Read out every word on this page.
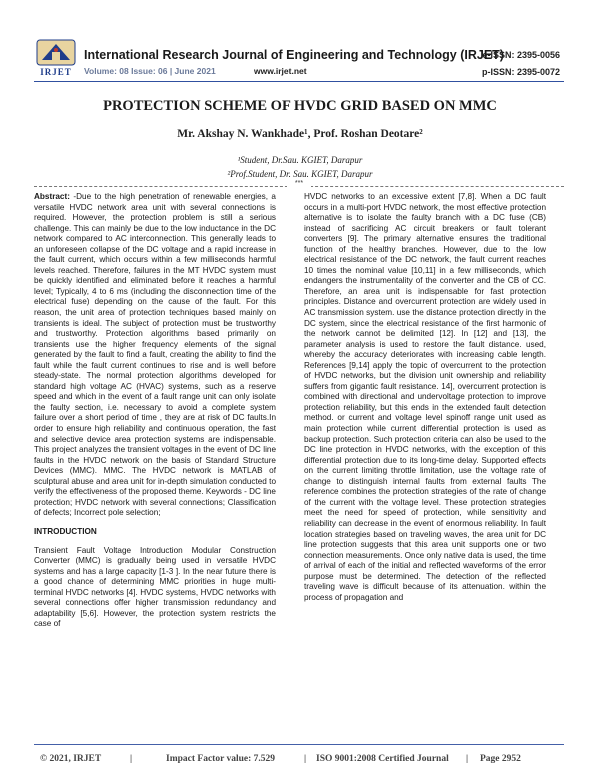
IRJET
International Research Journal of Engineering and Technology (IRJET)
Volume: 08 Issue: 06 | June 2021	www.irjet.net
e-ISSN: 2395-0056
p-ISSN: 2395-0072
PROTECTION SCHEME OF HVDC GRID BASED ON MMC
Mr. Akshay N. Wankhade¹, Prof. Roshan Deotare²
¹Student, Dr.Sau. KGIET, Darapur
²Prof.Student, Dr. Sau. KGIET, Darapur
***

Abstract: -Due to the high penetration of renewable energies, a versatile HVDC network area unit with several connections is required. However, the protection problem is still a serious challenge. This can mainly be due to the low inductance in the DC network compared to AC interconnection. This generally leads to an unforeseen collapse of the DC voltage and a rapid increase in the fault current, which occurs within a few milliseconds harmful levels reached. Therefore, failures in the MT HVDC system must be quickly identified and eliminated before it reaches a harmful level; Typically, 4 to 6 ms (including the disconnection time of the electrical fuse) depending on the cause of the fault. For this reason, the unit area of protection techniques based mainly on transients is ideal. The subject of protection must be trustworthy and trustworthy. Protection algorithms based primarily on transients use the higher frequency elements of the signal generated by the fault to find a fault, creating the ability to find the fault while the fault current continues to rise and is well before steady-state. The normal protection algorithms developed for standard high voltage AC (HVAC) systems, such as a reserve speed and which in the event of a fault range unit can only isolate the faulty section, i.e. necessary to avoid a complete system failure over a short period of time , they are at risk of DC faults.In order to ensure high reliability and continuous operation, the fast and selective device area protection systems are indispensable. This project analyzes the transient voltages in the event of DC line faults in the HVDC network on the basis of Standard Structure Devices (MMC). MMC. The HVDC network is MATLAB of sculptural abuse and area unit for in-depth simulation conducted to verify the effectiveness of the proposed theme. Keywords - DC line protection; HVDC network with several connections; Classification of defects; Incorrect pole selection;

INTRODUCTION

Transient Fault Voltage Introduction Modular Construction Converter (MMC) is gradually being used in versatile HVDC systems and has a large capacity [1-3 ]. In the near future there is a good chance of determining MMC priorities in huge multi-terminal HVDC networks [4]. HVDC systems, HVDC networks with several connections offer higher transmission redundancy and adaptability [5,6]. However, the protection system restricts the case of

HVDC networks to an excessive extent [7,8]. When a DC fault occurs in a multi-port HVDC network, the most effective protection alternative is to isolate the faulty branch with a DC fuse (CB) instead of sacrificing AC circuit breakers or fault tolerant converters [9]. The primary alternative ensures the traditional function of the healthy branches. However, due to the low electrical resistance of the DC network, the fault current reaches 10 times the nominal value [10,11] in a few milliseconds, which endangers the instrumentality of the converter and the CB of CC. Therefore, an area unit is indispensable for fast protection principles. Distance and overcurrent protection are widely used in AC transmission system. use the distance protection directly in the DC system, since the electrical resistance of the first harmonic of the network cannot be delimited [12]. In [12] and [13], the parameter analysis is used to restore the fault distance. used, whereby the accuracy deteriorates with increasing cable length. References [9,14] apply the topic of overcurrent to the protection of HVDC networks, but the division unit ownership and reliability suffers from gigantic fault resistance. 14], overcurrent protection is combined with directional and undervoltage protection to improve protection reliability, but this ends in the extended fault detection method. or current and voltage level spinoff range unit used as main protection while current differential protection is used as backup protection. Such protection criteria can also be used to the DC line protection in HVDC networks, with the exception of this differential protection due to its long-time delay. Supported effects on the current limiting throttle limitation, use the voltage rate of change to distinguish internal faults from external faults The reference combines the protection strategies of the rate of change of the current with the voltage level. These protection strategies meet the need for speed of protection, while sensitivity and reliability can decrease in the event of enormous reliability. In fault location strategies based on traveling waves, the area unit for DC line protection suggests that this area unit supports one or two connection measurements. Once only native data is used, the time of arrival of each of the initial and reflected waveforms of the error purpose must be determined. The detection of the reflected traveling wave is difficult because of its attenuation. within the process of propagation and

© 2021, IRJET	|	Impact Factor value: 7.529	| ISO 9001:2008 Certified Journal | Page 2952
